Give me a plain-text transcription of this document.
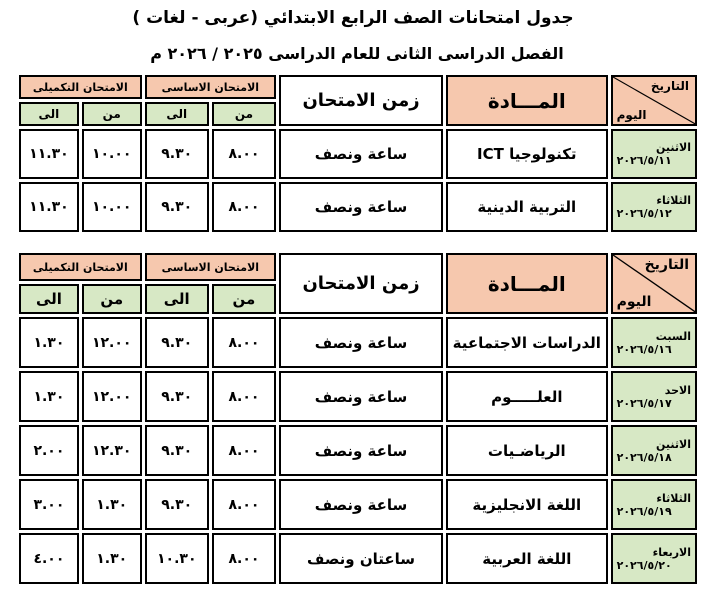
جدول امتحانات الصف الرابع الابتدائي (عربى - لغات )
الفصل الدراسى الثانى للعام الدراسى ٢٠٢٥ / ٢٠٢٦ م
التاريخ
اليوم	المـــادة	زمن الامتحان	الامتحان الاساسى		الامتحان التكميلى	
			من	الى	من	الى

الاثنين
٢٠٢٦/٥/١١	تكنولوجيا ICT	ساعة ونصف	٨.٠٠	٩.٣٠	١٠.٠٠	١١.٣٠

الثلاثاء
٢٠٢٦/٥/١٢	التربية الدينية	ساعة ونصف	٨.٠٠	٩.٣٠	١٠.٠٠	١١.٣٠
التاريخ
اليوم	المـــادة	زمن الامتحان	الامتحان الاساسى		الامتحان التكميلى	
			من	الى	من	الى

السبت
٢٠٢٦/٥/١٦	الدراسات الاجتماعية	ساعة ونصف	٨.٠٠	٩.٣٠	١٢.٠٠	١.٣٠

الاحد
٢٠٢٦/٥/١٧	العلـــــوم	ساعة ونصف	٨.٠٠	٩.٣٠	١٢.٠٠	١.٣٠

الاثنين
٢٠٢٦/٥/١٨	الرياضـيات	ساعة ونصف	٨.٠٠	٩.٣٠	١٢.٣٠	٢.٠٠

الثلاثاء
٢٠٢٦/٥/١٩	اللغة الانجليزية	ساعة ونصف	٨.٠٠	٩.٣٠	١.٣٠	٣.٠٠

الاربعاء
٢٠٢٦/٥/٢٠	اللغة العربية	ساعتان ونصف	٨.٠٠	١٠.٣٠	١.٣٠	٤.٠٠
